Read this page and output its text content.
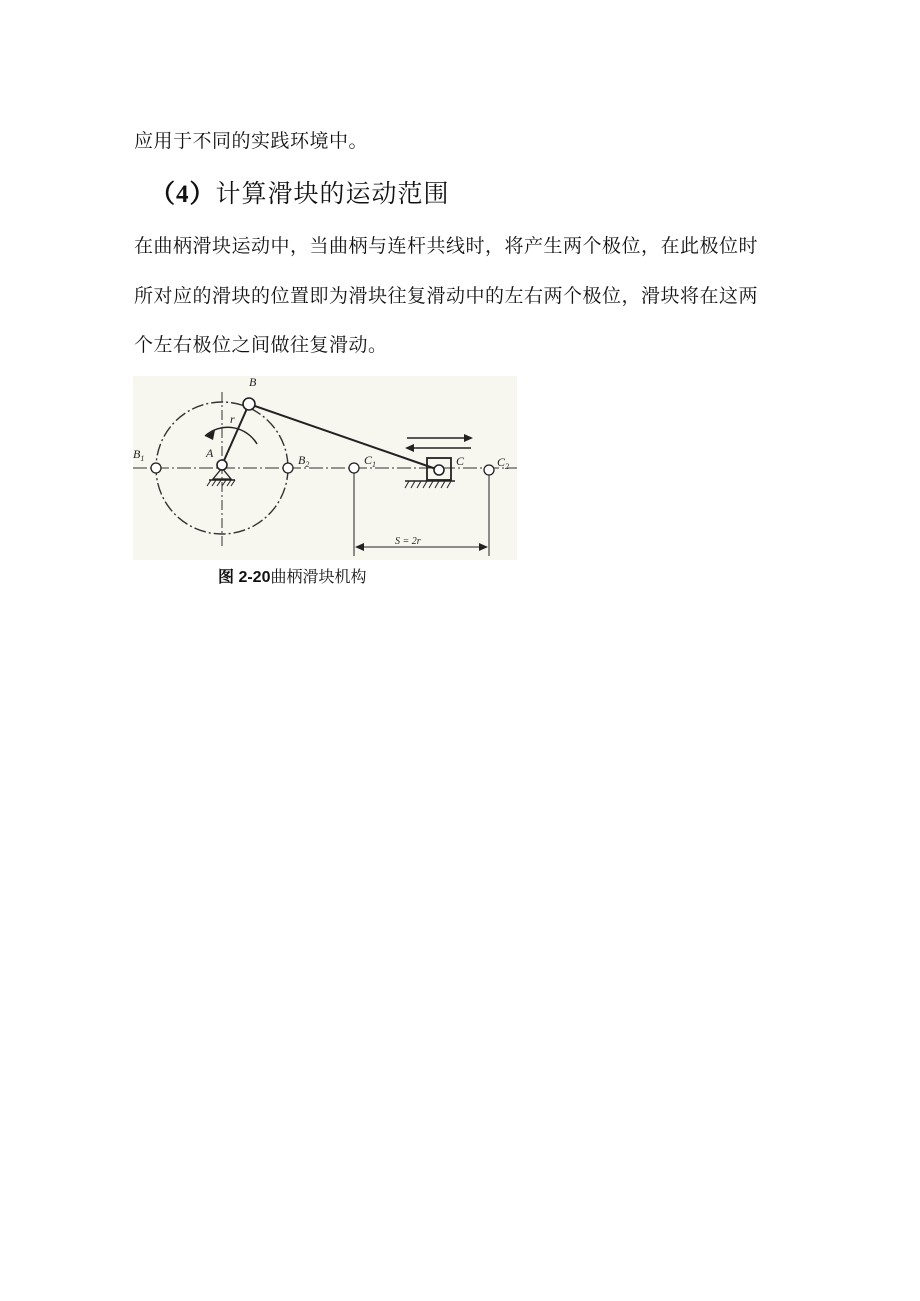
应用于不同的实践环境中。
（4）计算滑块的运动范围
在曲柄滑块运动中，当曲柄与连杆共线时，将产生两个极位，在此极位时
所对应的滑块的位置即为滑块往复滑动中的左右两个极位，滑块将在这两
个左右极位之间做往复滑动。
B
r
A
$B_1$	$B_2$	$C_1$	C	$C_2$
S = 2r
图 2-20曲柄滑块机构
